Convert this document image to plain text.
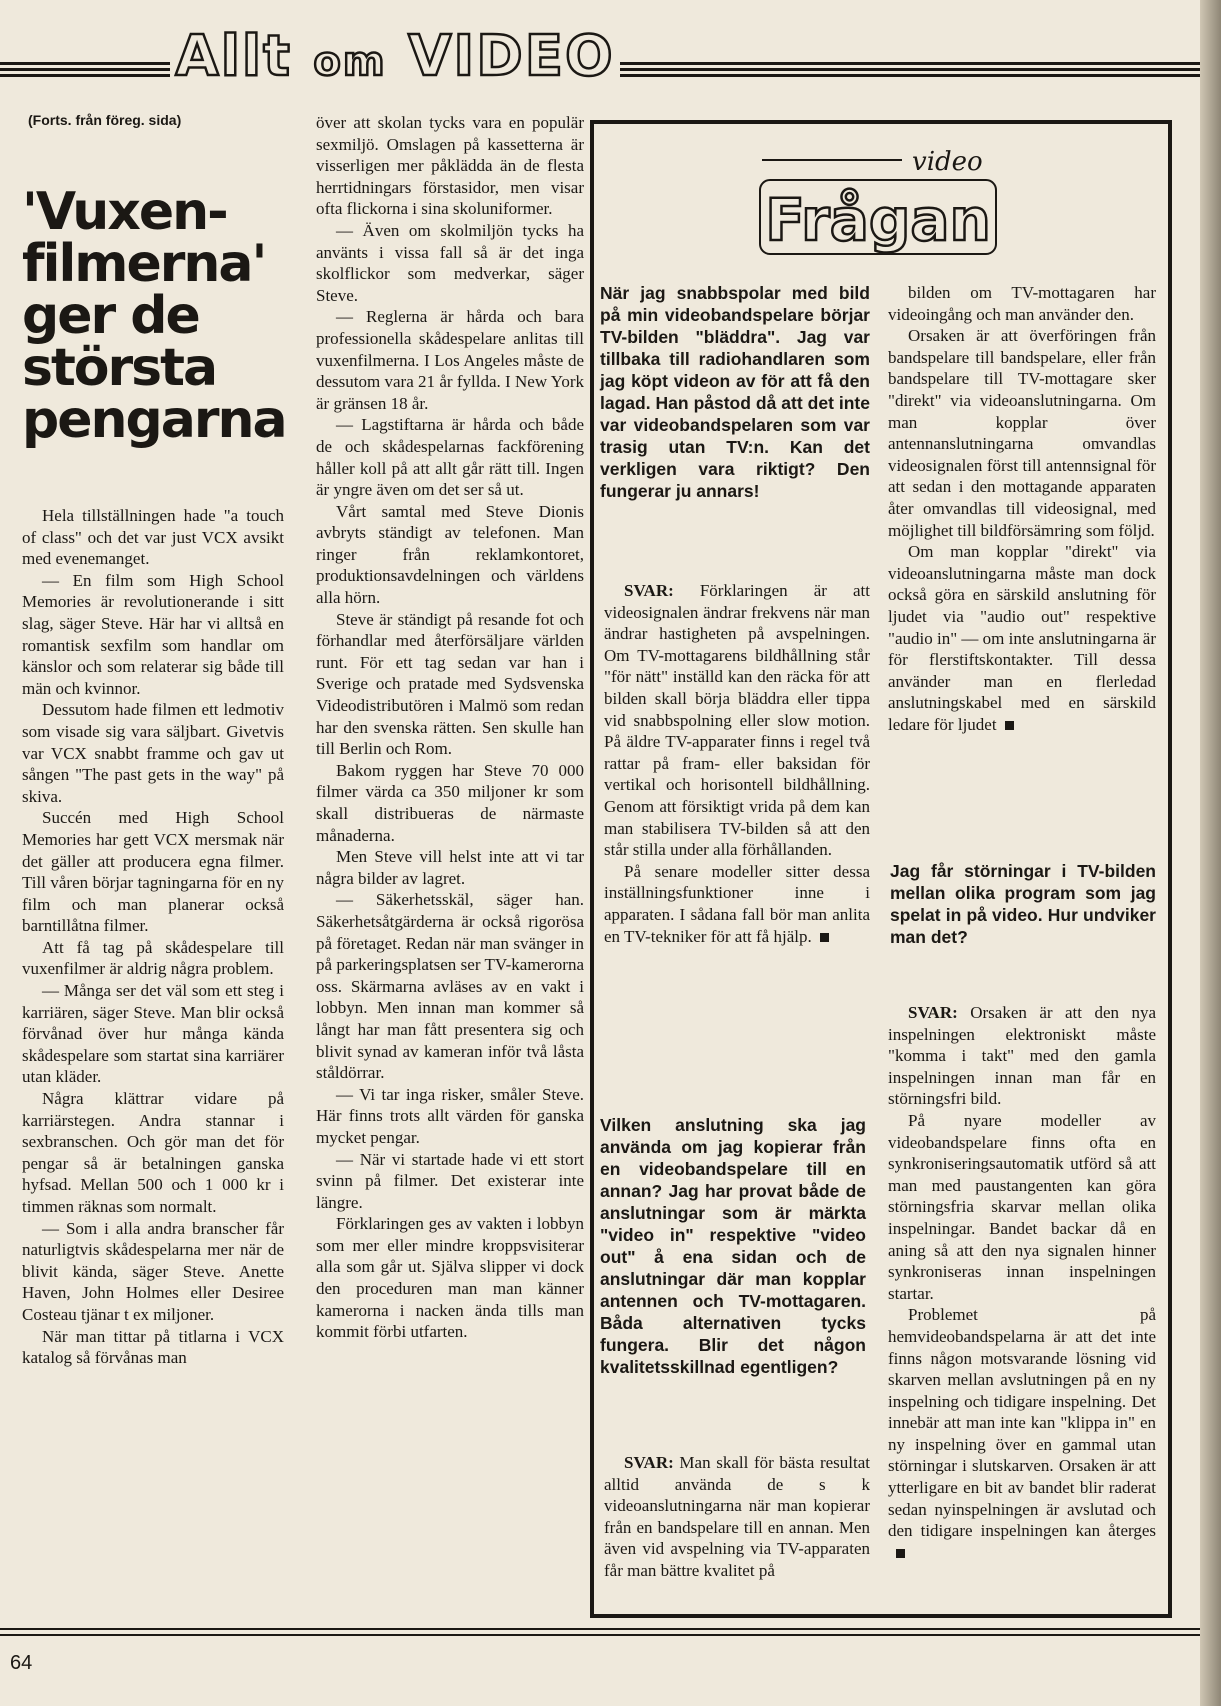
Allt om VIDEO
(Forts. från föreg. sida)
'Vuxen-
filmerna'
ger de
största
pengarna

Hela tillställningen hade "a touch of class" och det var just VCX avsikt med evenemanget.

— En film som High School Memories är revolutionerande i sitt slag, säger Steve. Här har vi alltså en romantisk sexfilm som handlar om känslor och som relaterar sig både till män och kvinnor.

Dessutom hade filmen ett ledmotiv som visade sig vara säljbart. Givetvis var VCX snabbt framme och gav ut sången "The past gets in the way" på skiva.

Succén med High School Memories har gett VCX mersmak när det gäller att producera egna filmer. Till våren börjar tagningarna för en ny film och man planerar också barntillåtna filmer.

Att få tag på skådespelare till vuxenfilmer är aldrig några problem.

— Många ser det väl som ett steg i karriären, säger Steve. Man blir också förvånad över hur många kända skådespelare som startat sina karriärer utan kläder.

Några klättrar vidare på karriärstegen. Andra stannar i sexbranschen. Och gör man det för pengar så är betalningen ganska hyfsad. Mellan 500 och 1 000 kr i timmen räknas som normalt.

— Som i alla andra branscher får naturligtvis skådespelarna mer när de blivit kända, säger Steve. Anette Haven, John Holmes eller Desiree Costeau tjänar t ex miljoner.

När man tittar på titlarna i VCX katalog så förvånas man

över att skolan tycks vara en populär sexmiljö. Omslagen på kassetterna är visserligen mer påklädda än de flesta herrtidningars förstasidor, men visar ofta flickorna i sina skoluniformer.

— Även om skolmiljön tycks ha använts i vissa fall så är det inga skolflickor som medverkar, säger Steve.

— Reglerna är hårda och bara professionella skådespelare anlitas till vuxenfilmerna. I Los Angeles måste de dessutom vara 21 år fyllda. I New York är gränsen 18 år.

— Lagstiftarna är hårda och både de och skådespelarnas fackförening håller koll på att allt går rätt till. Ingen är yngre även om det ser så ut.

Vårt samtal med Steve Dionis avbryts ständigt av telefonen. Man ringer från reklamkontoret, produktionsavdelningen och världens alla hörn.

Steve är ständigt på resande fot och förhandlar med återförsäljare världen runt. För ett tag sedan var han i Sverige och pratade med Sydsvenska Videodistributören i Malmö som redan har den svenska rätten. Sen skulle han till Berlin och Rom.

Bakom ryggen har Steve 70 000 filmer värda ca 350 miljoner kr som skall distribueras de närmaste månaderna.

Men Steve vill helst inte att vi tar några bilder av lagret.

— Säkerhetsskäl, säger han. Säkerhetsåtgärderna är också rigorösa på företaget. Redan när man svänger in på parkeringsplatsen ser TV-kamerorna oss. Skärmarna avläses av en vakt i lobbyn. Men innan man kommer så långt har man fått presentera sig och blivit synad av kameran inför två låsta ståldörrar.

— Vi tar inga risker, småler Steve. Här finns trots allt värden för ganska mycket pengar.

— När vi startade hade vi ett stort svinn på filmer. Det existerar inte längre.

Förklaringen ges av vakten i lobbyn som mer eller mindre kroppsvisiterar alla som går ut. Själva slipper vi dock den proceduren man man känner kamerorna i nacken ända tills man kommit förbi utfarten.

video
Frågan
När jag snabbspolar med bild på min videobandspelare börjar TV-bilden "bläddra". Jag var tillbaka till radiohandlaren som jag köpt videon av för att få den lagad. Han påstod då att det inte var videobandspelaren som var trasig utan TV:n. Kan det verkligen vara riktigt? Den fungerar ju annars!

SVAR: Förklaringen är att videosignalen ändrar frekvens när man ändrar hastigheten på avspelningen. Om TV-mottagarens bildhållning står "för nätt" inställd kan den räcka för att bilden skall börja bläddra eller tippa vid snabbspolning eller slow motion. På äldre TV-apparater finns i regel två rattar på fram- eller baksidan för vertikal och horisontell bildhållning. Genom att försiktigt vrida på dem kan man stabilisera TV-bilden så att den står stilla under alla förhållanden.

På senare modeller sitter dessa inställningsfunktioner inne i apparaten. I sådana fall bör man anlita en TV-tekniker för att få hjälp.

Vilken anslutning ska jag använda om jag kopierar från en videobandspelare till en annan? Jag har provat både de anslutningar som är märkta "video in" respektive "video out" å ena sidan och de anslutningar där man kopplar antennen och TV-mottagaren. Båda alternativen tycks fungera. Blir det någon kvalitetsskillnad egentligen?

SVAR: Man skall för bästa resultat alltid använda de s k videoanslutningarna när man kopierar från en bandspelare till en annan. Men även vid avspelning via TV-apparaten får man bättre kvalitet på

bilden om TV-mottagaren har videoingång och man använder den.

Orsaken är att överföringen från bandspelare till bandspelare, eller från bandspelare till TV-mottagare sker "direkt" via videoanslutningarna. Om man kopplar över antennanslutningarna omvandlas videosignalen först till antennsignal för att sedan i den mottagande apparaten åter omvandlas till videosignal, med möjlighet till bildförsämring som följd.

Om man kopplar "direkt" via videoanslutningarna måste man dock också göra en särskild anslutning för ljudet via "audio out" respektive "audio in" — om inte anslutningarna är för flerstiftskontakter. Till dessa använder man en flerledad anslutningskabel med en särskild ledare för ljudet

Jag får störningar i TV-bilden mellan olika program som jag spelat in på video. Hur undviker man det?

SVAR: Orsaken är att den nya inspelningen elektroniskt måste "komma i takt" med den gamla inspelningen innan man får en störningsfri bild.

På nyare modeller av videobandspelare finns ofta en synkroniseringsautomatik utförd så att man med paustangenten kan göra störningsfria skarvar mellan olika inspelningar. Bandet backar då en aning så att den nya signalen hinner synkroniseras innan inspelningen startar.

Problemet på hemvideobandspelarna är att det inte finns någon motsvarande lösning vid skarven mellan avslutningen på en ny inspelning och tidigare inspelning. Det innebär att man inte kan "klippa in" en ny inspelning över en gammal utan störningar i slutskarven. Orsaken är att ytterligare en bit av bandet blir raderat sedan nyinspelningen är avslutad och den tidigare inspelningen kan återges

64
